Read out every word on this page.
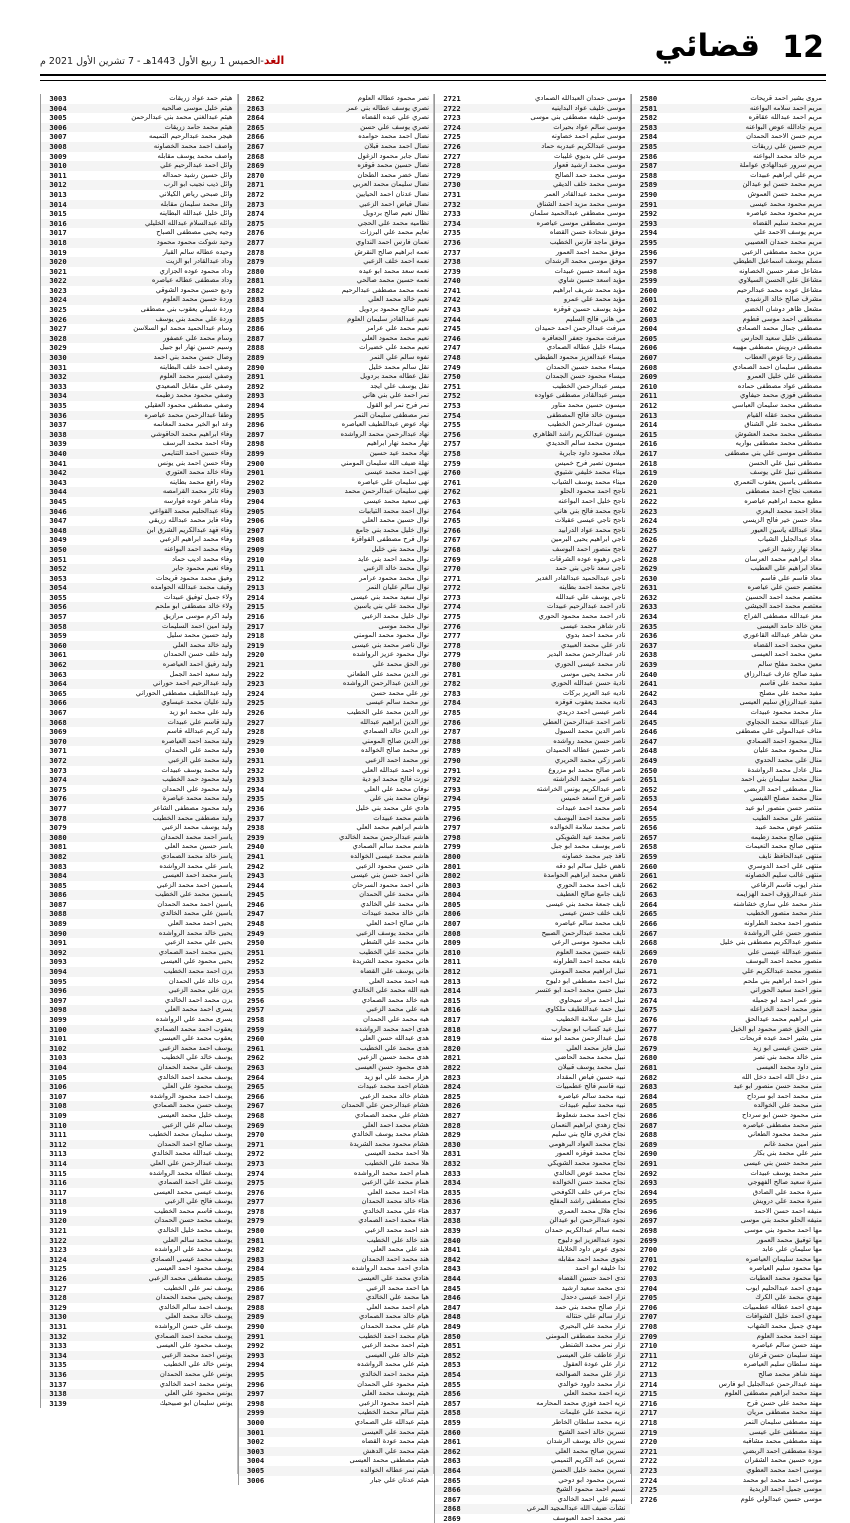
12
قضائي
الغد-الخميس 1 ربيع الأول 1443هـ - 7 تشرين الأول 2021 م
مروى بشير احمد قريحات
2580
مريم احمد سلامه البواعنه
2581
مريم احمد عبدالله عقاقره
2582
مريم جادالله عوض البواعنه
2583
مريم حسن الاحمد الحمدان
2584
مريم حسين علي زريقات
2585
مريم خالد محمد البواعنه
2586
مريم سرور عبدالهادي عواملة
2587
مريم علي ابراهيم عبيدات
2588
مريم محمد حسن ابو عيدالن
2589
مريم محمد حسن العموش
2590
مريم محمود محمد عيسى
2591
مريم محمود محمد عياصره
2592
مريم محمد سليم القضاه
2593
مريم يوسف الاحمد علي
2594
مريم محمد حمدان العصيبي
2595
مزين محمد مصطفى الزعبي
2596
مسلم يوسف اسماعيل الطيطي
2597
مشاعل صقر حسين الخصاونه
2598
مشاعل علي الحسن السيلاوي
2599
مشاعل عوده محمد عبدالرحيم
2600
مشرف صالح خالد الرشيدي
2601
مشعل ظاهر دوشان الخضير
2602
مصطفى احمد موسى قطوم
2603
مصطفى جمال محمد الصمادي
2604
مصطفى خليل سعيد الحارس
2605
مصطفى درويش مصطفى مهيبه
2606
مصطفى رجا عوض العطاب
2607
مصطفى سليمان احمد الصمادي
2608
مصطفى علي خليل العمرو
2609
مصطفى عواد مصطفى حماده
2610
مصطفى فوزي محمد حيفاوي
2611
مصطفى محمد سليمان العباسي
2612
مصطفى محمد عقله القيام
2613
مصطفى محمد علي الشناق
2614
مصطفى محمد محمد العشوش
2615
مصطفى محمد مصطفى بواريه
2616
مصطفى موسى علي بني مصطفى
2617
مصطفى نبيل علي الحسن
2618
مصطفى نبيل علي يوسف
2619
مصطفى ياسين يعقوب التعمري
2620
مصعب نجاح احمد مصطفى
2621
مطيع محمد ابراهيم عياصره
2622
معاذ احمد محمد البعري
2623
معاذ حسن خير فالح الزيسي
2624
معاذ عبدالله ياسين العيور
2625
معاذ عبدالجليل الشياب
2626
معاذ نهار رشيد الزعبي
2627
معاذ ابراهيم محمد العرسان
2628
معاذ ابراهيم علي العطيب
2629
معاذ قاسم علي قاسم
2630
معتصم حسن علي عياصره
2631
معتصم محمد احمد الحسين
2632
معتصم محمد احمد الجيشي
2633
معز عبدالله مصطفى الفراج
2634
معن خالد حامد العيسى
2635
معن شاهر عبدالله القاعوري
2636
معين محمد احمد القضاه
2637
معين محمد احمد العيسى
2638
معين محمد مفلح سالم
2639
مفيد صالح عارف عبدالرزاق
2640
مفيد محمد علي قاسم
2641
مفيد محمد علي مصلح
2642
مفيد عبدالرزاق سليم العيسى
2643
منار محمد محمود عبيدات
2644
منار عبدالله محمد الحجاوي
2645
مناف عبدالمولى علي مصطفى
2646
منال محمود احمد الصمادي
2647
منال محمود محمد عليان
2648
منال علي محمد الحدوي
2649
منال عادل محمد الرواشدة
2650
منال محمد سليمان بني احمد
2651
منال مصطفى احمد الربضي
2652
منال محمد مصلح القيسي
2653
منتصر حسن منصور ابو عيد
2654
منتصر علي محمد الطيب
2655
منتصر عوض محمد عبيد
2656
منتهى صالح محمد زطيمه
2657
منتهى صالح محمد النعيمات
2658
منتهى عبدالحافظ نايف
2659
منتهى علي احمد الدوسري
2660
منتهى غالب سليم الخصاونه
2661
منذر ايوب قاسم الرفاعي
2662
منذر عبدالرؤوف احمد الهزايمه
2663
منذر محمد علي ساري خشاشنه
2664
منذر محمد منصور الخطيب
2665
منصور احمد محمد الطراونه
2666
منصور حسن علي الرواشدة
2667
منصور عبدالكريم مصطفى بني خليل
2668
منصور عبدالله عيسى علي
2669
منصور محمد احمد البوسف
2670
منصور محمد عبدالكريم علي
2671
منور احمد ابراهيم بني ملحم
2672
منور احمد سعيد الحوراني
2673
منور عمر احمد ابو جميله
2674
منور محمد احمد الخزاعله
2675
منى ابراهيم محمد عيدالحق
2676
منى الحق خضر محمود ابو الخيل
2677
منى بشير احمد عيده قريحات
2678
منى حسن عيسى ابو زيد
2679
منى خالد محمد بني نصر
2680
منى داود محمد العيسى
2681
منى دخل الله احمد دخل الله
2682
منى محمد حسن منصور ابو عيد
2683
منى محمد احمد ابو سرداح
2684
منى محمد علي الخوالده
2685
منى محمود حسن ابو سرداح
2686
منير محمد مصطفى عياصره
2687
منير محمد محمود الطعاني
2688
منير امين محمد غانم
2689
منير علي محمد بني بكار
2690
منير محمد حسن بني عيسى
2691
منير محمد يوسف عبيدات
2692
منيرة سعيد صالح الفهوجي
2693
منيرة محمد علي الصادق
2694
منيرة محمد علي درويش
2695
منيفه احمد حسن الاحمد
2696
منيفه الحلو محمد بني موسى
2697
مها احمد محمود بني موسى
2698
مها توفيق محمد العمور
2699
مها سليمان علي عابد
2700
مها محمد سليمان العياصره
2701
مها محمود سليم العياصره
2702
مها محمود محمد العطيات
2703
مهدي احمد عبدالحليم ايوب
2704
مهدي محمد علي الكرك
2705
مهدي احمد عطاله عطمييات
2706
مهدي احمد خليل الشوافات
2707
مهدي جميل محمد الشهاب
2708
مهند احمد محمد العلوم
2709
مهند حسن سالم عياصره
2710
مهند سليمان حسن قرعان
2711
مهند سلطان سليم العياصره
2712
مهند شاهر محمد صالح
2713
مهند عبدالرحمن عبدالجليل ابو فارس
2714
مهند محمد ابراهيم مصطفى العلوم
2715
مهند محمد علي حسن قرح
2716
مهند محمد مصطفى مريان
2717
مهند مصطفى سليمان النمر
2718
مهند مصطفى علي عيسى
2719
مهند مصطفى محمد مشاقبه
2720
مودة مصطفى احمد الربضي
2721
موزه حسين محمد الشقران
2722
موسى احمد محمد العطوي
2723
موسى احمد محمد ابو محمد
2724
موسى جميل احمد الزبدية
2725
موسى حسين عبدالولي علوم
2726
موسى حمدان العبدالله الصمادي
2721
موسى خليف عواد البداينيه
2722
موسى خليفه مصطفى بني موسى
2723
موسى سالم عواد بحيرات
2724
موسى سليم احمد خصاونه
2725
موسى عبدالكريم عبدربه حماد
2726
موسى علي بديوي غليبات
2727
موسى محمد ارشيد قعوار
2728
موسى محمد حمد الصالح
2729
موسى محمد خلف الديقي
2730
موسى محمد عبدالقادر العمر
2731
موسى محمد مزيد احمد الشناق
2732
موسى مصطفى عبدالحميد سلمان
2733
موسى مصطفى موسى عياصره
2734
موفق شحادة حسن القضاه
2735
موفق ماجد فارس الخطيب
2736
موفق محمد احمد العمور
2737
موفق موسى محمد الرشدان
2738
مؤيد اسعد حسين عبيدات
2739
مؤيد اسعد حسين شاوي
2740
مؤيد محمد شريف ابراهيم
2741
مؤيد محمد علي عمرو
2742
مؤيد يوسف حسين قوقزه
2743
مي هاني فالح السليم
2744
ميرفت عبدالرحمن احمد حميدان
2745
ميرفت محمود جعفر الجعافره
2746
ميساء خليل عطاله الصمادي
2747
ميساء عبدالعزيز محمود الطيطي
2748
ميساء محمد حسين الحمدان
2749
ميساء محمود حسن الجمدان
2750
ميسر عبدالرحمن الخطيب
2751
ميسر عبدالقادر مصطفى عواوده
2752
ميسون حسين محمد مناور
2753
ميسون خالد فالح المصطفى
2754
ميسون عبدالرحمن الخطيب
2755
ميسون عبدالكريم راشد الظاهري
2756
ميسون محمد سالم الحديدي
2757
ميلاد محمود داود جابرية
2758
ميسون نصير فرح خميس
2759
ميناء محمد خليفي شتيوي
2760
ميناء محمد يوسف الشياب
2761
ناجح احمد محمود الحلو
2762
ناجح خليل احمد البواعنه
2763
ناجح محمد فالح بني هاني
2764
ناجح ناجي عيسى عقيلات
2765
ناجح محمد عواد الدرابيد
2766
ناجي ابراهيم يحيى البرمين
2767
ناجح منصور احمد البوسف
2768
ناجي زهيوه عوده الشرقات
2769
ناجي سعد ناجي بني حمد
2770
ناجي عبدالحميد عبدالقادر الغدير
2771
ناجي محمد احمد بطاينه
2772
ناجي يوسف علي عبدالله
2773
نادر احمد عبدالرحيم عبيدات
2774
نادر احمد محمد محمود الحوري
2775
نادر شاهر محمد عيسى
2776
نادر محمد احمد بدوي
2777
نادر علي محمد العبيدي
2778
نادر عبدالرحمن محمد البدير
2779
نادر محمد عيسى الحوري
2780
نادر محمد يحيى موسى
2781
نادية حسن عبدالله الحوري
2782
ناديه عبد العزيز بركات
2783
ناديه محمد يعقوب قوقزه
2784
ناصر عيسى احمد دريدي
2785
ناصر احمد عبدالرحمن العطي
2786
ناصر الدين محمد السيول
2787
ناصر حسن محمد رواشده
2788
ناصر حسين عطاله الحميدان
2789
ناصر زكي محمد الحريري
2790
ناصر صالح محمد ابو مزروع
2791
ناصر عمر محمد الخراشته
2792
ناصر عبدالكريم يونس الخراشته
2793
ناصر فرح اسعد خميس
2794
ناصر محمد احمد عبيدات
2795
ناصر محمد احمد البوسف
2796
ناصر محمد سلامة الخوالده
2797
ناصر محمد عيد الشويكي
2798
ناصر يوسف محمد ابو جبل
2799
نافذ جبر محمد خصاونه
2800
ناهض خليل سالم ابو دقه
2801
ناهض محمد ابراهيم الحوامدة
2802
نايف احمد محمد الحوري
2803
نايف جامع صالح العطيف
2804
نايف جمعة محمد بني عيسى
2805
نايف خلف حسن عيسى
2806
نايف محمد سالم عياصره
2807
نايف محمد عبدالرحمن الصبيح
2808
نايف محمود موسى الرعي
2809
نايفه حسين محمد العلوم
2810
نايفه محمد احمد الطراونه
2811
نبيل ابراهيم محمد المومني
2812
نبيل احمد مصطفى ابو دليوح
2813
نبيل حسن محمد احمد ابو عتسر
2814
نبيل احمد مراد سيحاوي
2815
نبيل حمد عبداللطيف ملكاوي
2816
نبيل علي سلامة الخطيب
2817
نبيل عيد كساب ابو محارب
2818
نبيل عبدالرحمن محمد ابو سنه
2819
نبيل فايز محمد العلي
2820
نبيل محمد محمد الحاضي
2821
نبيل محمد يوسف قبيلان
2822
نبيه حسين فياض المقداد
2823
نبيه قاسم فالح عطمييات
2824
نبيه محمد سالم عياصره
2825
نبيه محمد سليم عبيدات
2826
نجاح احمد محمد شعلوط
2827
نجاح زهدي ابراهيم النعمان
2828
نجاح فخري فالح بني سليم
2829
نجاح محمد العواد البرهومي
2830
نجاح محمد قوقزه العمور
2831
نجاح محمود محمد الشويكي
2832
نجاح محمد عوض الخالدي
2833
نجاح محمد حسن الخوالده
2834
نجاح مرعي خلف الكوفحي
2835
نجاح مصطفى راشد المفلح
2836
نجاح هلال محمد العمري
2837
نجود عبدالرحمن ابو عيدالن
2838
نجمه سالم عبدالكريم حمدان
2839
نجود عبدالعزيز ابو دليوح
2840
نجوى عوض داود الخلايلة
2841
نجوى محمد احمد مقابله
2842
ندا خليفه ابو احمد
2843
ندى احمد حسين القضاه
2844
ندى محمد سعيد ارشيد
2845
نزار احمد عيسى دحدل
2846
نزار صالح محمد بني حمد
2847
نزار سالم علي حنتاله
2848
نزار محمد علي البحيري
2849
نزار محمد مصطفى المومني
2850
نزار نمر محمد الشنطي
2851
نزار عاطف علي العيسى
2852
نزار علي عودة العقول
2853
نزار علي محمد الصوالحه
2854
نزار محمد داوود خوالدي
2855
نزيه احمد محمد العلي
2856
نزيه احمد فوزي محمد المحارمه
2857
نزيه محمد علي عليمات
2858
نزيه محمد سلطان الخاطر
2859
نسرين خالد احمد الشيخ
2860
نسرين خالد يوسف الرشدان
2861
نسرين صالح محمد العلي
2862
نسرين عبد الكريم التميمي
2863
نسرين محمد خليل الحسن
2864
نسرين محمود ابو دوحي
2865
نسيم احمد محمود الشيخ
2866
نسيم علي احمد الخالدي
2867
نشأت ضيف الله عبدالمجيد المرعي
2868
نصر محمد احمد العبوسف
2869
نصر محمود عطاله العلوم
2862
نصري يوسف عطاله بني عمر
2863
نصري علي عبده القضاه
2864
نصري يوسف علي حسن
2865
نضال احمد محمد حوامده
2866
نضال احمد محمد قبلان
2867
نضال جابر محمود الزغول
2868
نضال حسين محمد قوقزه
2869
نضال خضر محمد الطحان
2870
نضال سليمان محمد العربي
2871
نضال عدنان احمد الحيايين
2872
نضال فياض احمد الزعبي
2873
نظال نعيم صالح بردويل
2874
نظاميه محمد علي الحجي
2875
نعايم محمد علي البرزات
2876
نعمان فارس احمد النداوي
2877
نعمه ابراهيم صالح النقرش
2878
نعمه احمد خلف الزعبي
2879
نعمه سعد محمد ابو عيده
2880
نعمه حسين محمد صالحي
2881
نعمه محمد مصطفى عبدالرحيم
2882
نعيم خالد محمد العلي
2883
نعيم صالح محمود بردويل
2884
نعيم عبدالقادر سليمان العلوم
2885
نعيم محمد علي عرامر
2886
نعيم محمد محمود العلي
2887
نعيم محمد علي خضيرات
2888
نفوه سالم علي النمر
2889
نقل سالم محمد خليل
2890
نقل عطاله محمد بردويل
2891
نقل يوسف علي ايجد
2892
نمر احمد علي بني هاني
2893
نمر فرح نمر ابو القول
2894
نمر مصطفى سليمان النمر
2895
نهاد عوض عبداللطيف العياصره
2896
نهاد عبدالرحمن محمد الرواشده
2897
نهار محمد نهار ابراهيم
2898
نهاد محمد عيد حسين
2899
نهلة ضيف الله سليمان المومني
2900
نهى احمد محمد عيسى
2901
نهى سليمان علي عياصره
2902
نهى سليمان عبدالرحمن محمد
2903
نهى سعيد محمد عيسى
2904
نوال احمد محمد التيابيات
2905
نوال حسين محمد العلي
2906
نوال خليل محمد بني جامع
2907
نوال فرح مصطفى القواقزة
2908
نوال محمد بني خليل
2909
نوال محمد احمد بني عايد
2910
نوال محمد خالد الزعبي
2911
نوال محمد محمود عرامر
2912
نوال سالم عليان النمر
2913
نوال سعيد محمد بني عيسى
2914
نوال محمد علي بني ياسين
2915
نوال خليل محمد الزعبي
2916
نوال محمد موسى
2917
نوال محمود محمد المومني
2918
نوال ناصر محمد بني عيسى
2919
نوال محمود عزيز الرواشده
2920
نور الحق محمد علي
2921
نور الدين محمد علي الطعاني
2922
نور الدين عبدالرحمن الرواشده
2923
نور علي محمد حسن
2924
نور محمد سالم عيسى
2925
نور الدين محمد علي الخطيب
2926
نور الدين ابراهيم عبدالله
2927
نور الدين خالد الصمادي
2928
نور الدين صالح المومني
2929
نور محمد صالح الخوالده
2930
نور محمد احمد الزعبي
2931
نوره احمد عبدالله العلي
2932
نوزت فالح محمد ابو دية
2933
نوفان محمد علي العلي
2934
نوفان محمد بني علي
2935
هادي علي محمد بني خليل
2936
هاشم محمد عبيدات
2937
هاشم ابراهيم محمد العلي
2938
هاشم عبدالرحمن محمد الخالدي
2939
هاشم محمد سالم الصمادي
2940
هاشم محمد عيسى الخوالده
2941
هاني حسن محمود الزعبي
2942
هاني احمد حسن بني عيسى
2943
هاني احمد محمود السرحان
2944
هاني محمد علي الحمدان
2945
هاني محمد علي الخالدي
2946
هاني خالد محمد عبيدات
2947
هاني صالح احمد العلي
2948
هاني محمد يوسف الزعبي
2949
هاني محمد علي الشطي
2950
هاني محمد علي الخطيب
2951
هاني محمود محمد الشريدة
2952
هاني يوسف علي القضاه
2953
هبه احمد محمد العلي
2954
هبه الله محمد علي الخالدي
2955
هبه خالد محمد الصمادي
2956
هبه علي محمد الزعبي
2957
هبه محمد علي الحمدان
2958
هدى احمد محمد الرواشده
2959
هدى عبدالله حسن العلي
2960
هدى محمد علي الخطيب
2961
هدى محمد حسين الزعبي
2962
هدى محمود حسن العيسى
2963
هزار محمد علي ابو زيد
2964
هشام احمد محمد عبيدات
2965
هشام خالد محمد الزعبي
2966
هشام عبدالرحمن علي الحمدان
2967
هشام علي محمد الصمادي
2968
هشام محمد احمد العلي
2969
هشام محمد يوسف الخالدي
2970
هشام محمود محمد الشريدة
2971
هلا احمد محمد العيسى
2972
هلا محمد علي الخطيب
2973
همام احمد محمد الرواشده
2974
همام محمد علي الزعبي
2975
هناء احمد محمد العلي
2976
هناء خالد محمد الحمدان
2977
هناء علي محمد الخالدي
2978
هناء محمد احمد الصمادي
2979
هند احمد محمد الزعبي
2980
هند خالد علي الخطيب
2981
هند علي محمد العلي
2982
هند محمد احمد الحمدان
2983
هنادي احمد محمد الرواشده
2984
هنادي محمد علي العيسى
2985
هيا احمد محمد الزعبي
2986
هيا محمد علي الخالدي
2987
هيام احمد محمد العلي
2988
هيام خالد محمد الصمادي
2989
هيام علي محمد الحمدان
2990
هيام محمد احمد الخطيب
2991
هيثم احمد محمد الزعبي
2992
هيثم خالد علي العيسى
2993
هيثم علي محمد الرواشده
2994
هيثم محمد احمد الخالدي
2995
هيثم محمود علي الحمدان
2996
هيثم يوسف محمد العلي
2997
هيثم احمد محمود الزعبي
2998
هيثم سالم محمد الخطيب
2999
هيثم عبدالله علي الصمادي
3000
هيثم محمد علي العيسى
3001
هيثم محمد عودة القضاه
3002
هيثم محمد علي الدهش
3003
هيثم مصطفى محمد العيسى
3004
هيثم نمر عطاله الخوالده
3005
هيثم عدنان علي جبار
3006
هيثم حمد عواد زريقات
3003
هيثم خليل موسى صالحيه
3004
هيثم عبدالغني محمد بني عبدالرحمن
3005
هيثم محمد حامد زريقات
3006
هيجر محمد عبدالرحيم التميمه
3007
واصف احمد محمد الخصاونه
3008
واصف محمد يوسف مقابله
3009
وائل احمد عبدالرحيم علي
3010
وائل حسين رشيد حمداله
3011
وائل ذيب نجيب ابو الرب
3012
وائل صبحي رياض الكيلاني
3013
وائل محمد سليمان مقابله
3014
وائل خليل عبدالله البطاينه
3015
وائله عبدالسلام عبدالله الخليلي
3016
وجيه يحيى مصطفى الصباح
3017
وحيد شوكت محمود محمود
3018
وحيده عطاله سالم القيار
3019
وداد عبدالقادر ابو الزيت
3020
وداد محمود عوده الجزازي
3021
وداد مصطفى عطاله عياصره
3022
وديع حسين محمود الشوقي
3023
وردة حسين محمد العلوم
3024
وردة شيبلي يعقوب بني مصطفى
3025
وردة علي محمد بني يوسف
3026
وسام عبدالحميد محمد ابو السلاسن
3027
وسام محمد علي عصفور
3028
وسيم حسين نهار ابو جبيل
3029
وصال حسن محمد بني احمد
3030
وصفي احمد خلف البطاينه
3031
وصفي ابسير محمد العلوم
3032
وصفي علي مقابل الصعيدي
3033
وصفي محمود محمد زطيمه
3034
وصفي مصطفى محمود العقيلي
3035
وطفا عبدالرحمن محمد عياصره
3036
وعد ابو الخير محمد المغانمه
3037
وفاء ابراهيم محمد الحاقوشي
3038
وفاء احمد محمد البرسف
3039
وفاء حسين احمد التنايمي
3040
وفاء حسن احمد بني يونس
3041
وفاء خالد محمد العتوري
3042
وفاء رافع محمد بطاينه
3043
وفاء ثائر محمد القرامصه
3044
وفاء شاهر عوده فوارسه
3045
وفاء عبدالحليم محمد القواعي
3046
وفاء فايز محمد عبدالله زريقي
3047
وفاء فهد عبدالكريم الشرق ابن
3048
وفاء محمد ابراهيم الزعبي
3049
وفاء محمد احمد البواعنه
3050
وفاء محمد اديب حماد
3051
وفاء نعيم محمود جابر
3052
وفيق محمد محمود قريحات
3053
وقيف محمد عبدالله الحوامده
3054
ولاء جميل توفيق عبيدات
3055
ولاء خالد مصطفى ابو ملحم
3056
وليد اكرم موسى مرازيق
3057
وليد امين احمد السليمات
3058
وليد حسين محمد سليل
3059
وليد خالد محمد العلي
3060
وليد خلف حسن الحمدان
3061
وليد رفيق احمد العياصره
3062
وليد سعيد احمد الجمل
3063
وليد عبدالرحيم احمد حوراني
3064
وليد عبداللطيف مصطفى الحوراني
3065
وليد عليان محمد عيساوي
3066
وليد علي محمد ابو زيد
3067
وليد قاسم علي عبيدات
3068
وليد كريم عبدالله قاسم
3069
وليد محمد احمد العياصره
3070
وليد محمد علي الحمدان
3071
وليد محمد علي الزعبي
3072
وليد محمد يوسف عبيدات
3073
وليد محمود حمد الخطيب
3074
وليد محمود علي الحمدان
3075
وليد محمد محمد عياصرة
3076
وليد محمود مصطفى الشاعر
3077
وليد مصطفى محمد الخطيب
3078
وليد يوسف محمد الزعبي
3079
ياسر احمد محمد الحمدان
3080
ياسر حسين محمد العلي
3081
ياسر خالد محمد الصمادي
3082
ياسر علي محمد الرواشده
3083
ياسر محمد احمد العيسى
3084
ياسمين احمد محمد الزعبي
3085
ياسمين محمد علي الخطيب
3086
ياسين احمد محمد الحمدان
3087
ياسين علي محمد الخالدي
3088
يحيى احمد محمد العلي
3089
يحيى خالد محمد الرواشده
3090
يحيى علي محمد الزعبي
3091
يحيى محمد احمد الصمادي
3092
يحيى محمود علي العيسى
3093
يزن احمد محمد الخطيب
3094
يزن خالد علي الحمدان
3095
يزن علي محمد الزعبي
3096
يزن محمد احمد الخالدي
3097
يسرى احمد محمد العلي
3098
يسرى محمد علي الرواشده
3099
يعقوب احمد محمد الصمادي
3100
يعقوب محمد علي العيسى
3101
يوسف احمد محمد الزعبي
3102
يوسف خالد علي الخطيب
3103
يوسف علي محمد الحمدان
3104
يوسف محمد احمد الخالدي
3105
يوسف محمود علي العلي
3106
يوسف احمد محمود الرواشده
3107
يوسف حسن محمد الصمادي
3108
يوسف خليل محمد العيسى
3109
يوسف سالم علي الزعبي
3110
يوسف سليمان محمد الخطيب
3111
يوسف صالح احمد الحمدان
3112
يوسف عبدالله محمد الخالدي
3113
يوسف عبدالرحمن علي العلي
3114
يوسف عطاله محمد الرواشده
3115
يوسف علي احمد الصمادي
3116
يوسف عيسى محمد العيسى
3117
يوسف فالح علي الزعبي
3118
يوسف قاسم محمد الخطيب
3119
يوسف محمد حسن الحمدان
3120
يوسف محمد خليل الخالدي
3121
يوسف محمد سالم العلي
3122
يوسف محمد علي الرواشده
3123
يوسف محمد عيسى الصمادي
3124
يوسف محمود احمد العيسى
3125
يوسف مصطفى محمد الزعبي
3126
يوسف نمر علي الخطيب
3127
يوسف يحيى محمد الحمدان
3128
يوسف احمد سالم الخالدي
3129
يوسف خالد محمد العلي
3130
يوسف علي حسن الرواشده
3131
يوسف محمد احمد الصمادي
3132
يوسف محمود علي العيسى
3133
يونس احمد محمد الزعبي
3134
يونس خالد علي الخطيب
3135
يونس علي محمد الحمدان
3136
يونس محمد احمد الخالدي
3137
يونس محمود علي العلي
3138
يونس سليمان ابو صبيحيك
3139
